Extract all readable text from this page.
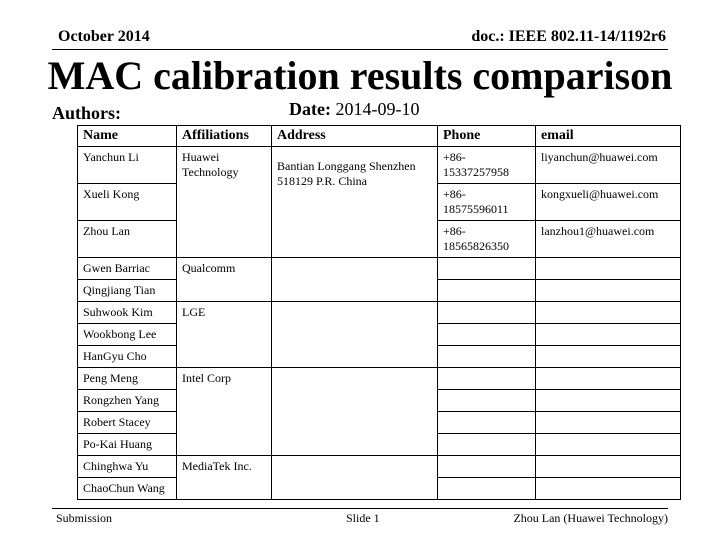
October 2014	doc.: IEEE 802.11-14/1192r6
MAC calibration results comparison
Authors:	Date: 2014-09-10
Name	Affiliations	Address	Phone	email
Yanchun Li	Huawei Technology	Bantian Longgang Shenzhen 518129 P.R. China	+86-15337257958	liyanchun@huawei.com
Xueli Kong			+86-18575596011	kongxueli@huawei.com
Zhou Lan			+86-18565826350	lanzhou1@huawei.com
Gwen Barriac	Qualcomm			
Qingjiang Tian				
Suhwook Kim	LGE			
Wookbong Lee				
HanGyu Cho				
Peng Meng	Intel Corp			
Rongzhen Yang				
Robert Stacey				
Po-Kai Huang				
Chinghwa Yu	MediaTek Inc.			
ChaoChun Wang				
Submission	Slide 1	Zhou Lan (Huawei Technology)
